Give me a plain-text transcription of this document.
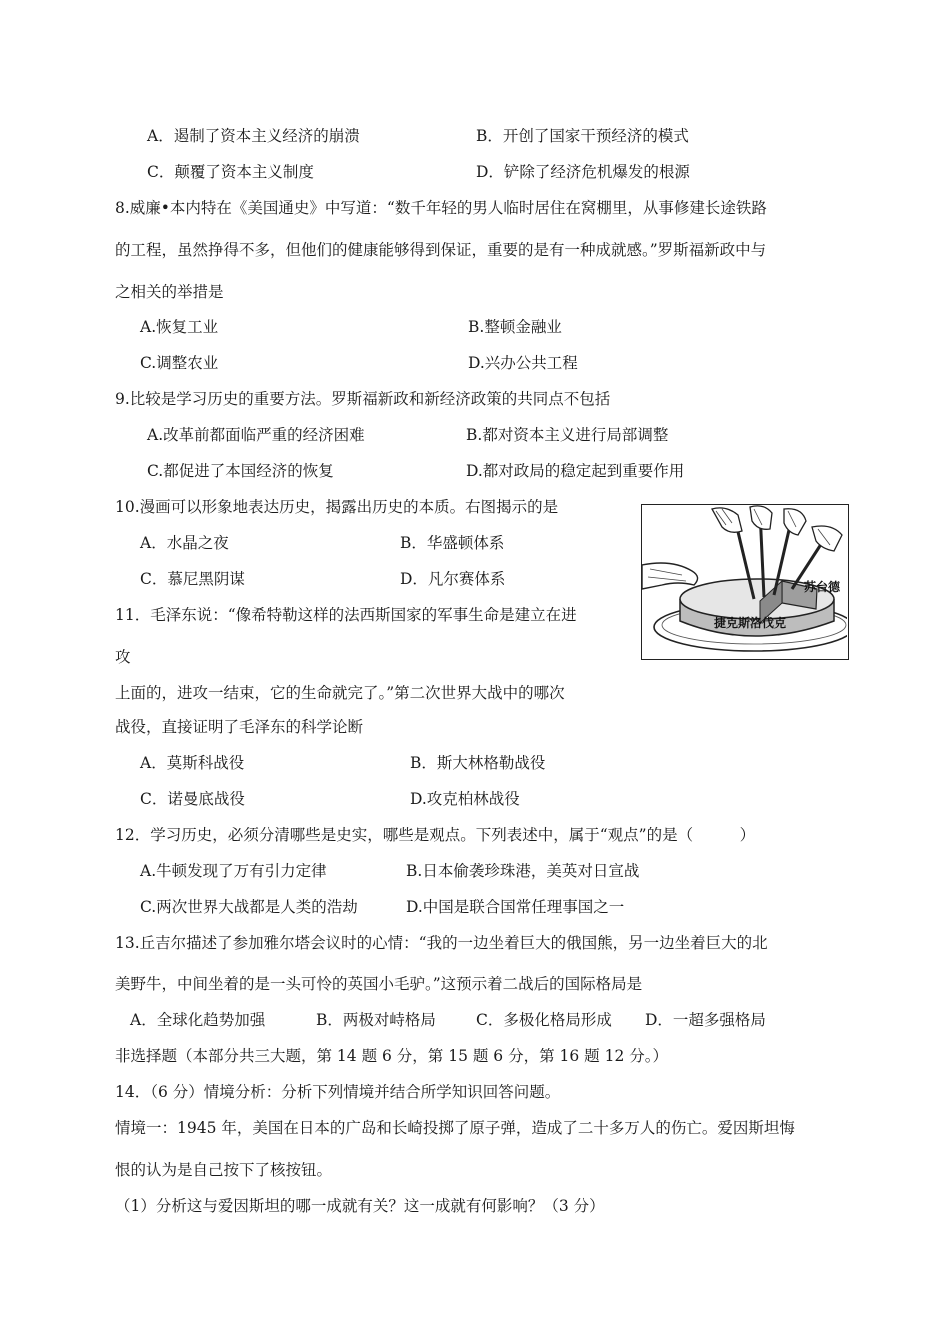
A．遏制了资本主义经济的崩溃	B．开创了国家干预经济的模式
C．颠覆了资本主义制度	D．铲除了经济危机爆发的根源
8.威廉•本内特在《美国通史》中写道：“数千年轻的男人临时居住在窝棚里，从事修建长途铁路
的工程，虽然挣得不多，但他们的健康能够得到保证，重要的是有一种成就感。”罗斯福新政中与
之相关的举措是
A.恢复工业	B.整顿金融业
C.调整农业	D.兴办公共工程
9.比较是学习历史的重要方法。罗斯福新政和新经济政策的共同点不包括
A.改革前都面临严重的经济困难	B.都对资本主义进行局部调整
C.都促进了本国经济的恢复	D.都对政局的稳定起到重要作用
10.漫画可以形象地表达历史，揭露出历史的本质。右图揭示的是
A．水晶之夜	B．华盛顿体系
C．慕尼黑阴谋	D．凡尔赛体系	苏台德
捷克斯洛伐克
11．毛泽东说：“像希特勒这样的法西斯国家的军事生命是建立在进
攻
上面的，进攻一结束，它的生命就完了。”第二次世界大战中的哪次
战役，直接证明了毛泽东的科学论断
A．莫斯科战役	B．斯大林格勒战役
C．诺曼底战役	D.攻克柏林战役
12．学习历史，必须分清哪些是史实，哪些是观点。下列表述中，属于“观点”的是（　　　）
A.牛顿发现了万有引力定律	B.日本偷袭珍珠港，美英对日宣战
C.两次世界大战都是人类的浩劫	D.中国是联合国常任理事国之一
13.丘吉尔描述了参加雅尔塔会议时的心情：“我的一边坐着巨大的俄国熊，另一边坐着巨大的北
美野牛，中间坐着的是一头可怜的英国小毛驴。”这预示着二战后的国际格局是
A．全球化趋势加强	B．两极对峙格局	C．多极化格局形成 D．一超多强格局
非选择题（本部分共三大题，第 14 题 6 分，第 15 题 6 分，第 16 题 12 分。）
14．（6 分）情境分析：分析下列情境并结合所学知识回答问题。
情境一：1945 年，美国在日本的广岛和长崎投掷了原子弹，造成了二十多万人的伤亡。爱因斯坦悔
恨的认为是自己按下了核按钮。
（1）分析这与爱因斯坦的哪一成就有关？这一成就有何影响？（3 分）
